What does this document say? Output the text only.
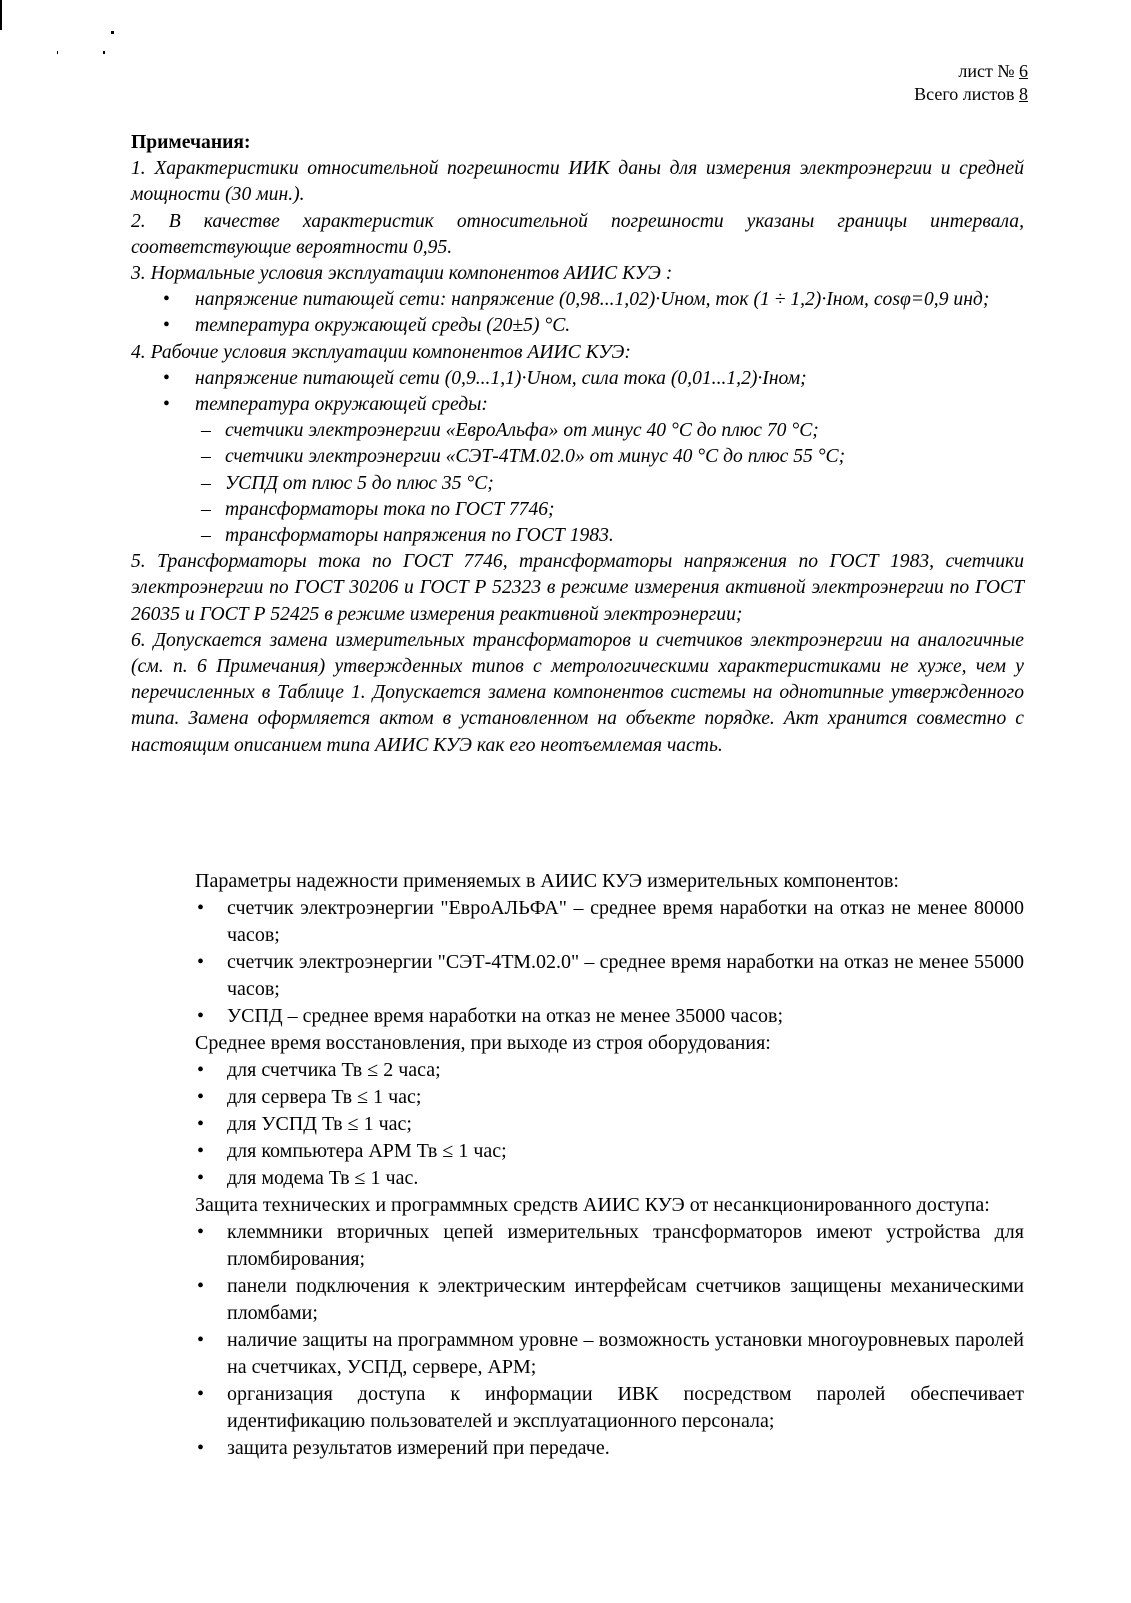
лист № 6
Всего листов 8
Примечания:
1. Характеристики относительной погрешности ИИК даны для измерения электроэнергии и средней мощности (30 мин.).
2. В качестве характеристик относительной погрешности указаны границы интервала, соответствующие вероятности 0,95.
3. Нормальные условия эксплуатации компонентов АИИС КУЭ :
• напряжение питающей сети: напряжение (0,98...1,02)·Uном, ток (1 ÷ 1,2)·Iном, cosφ=0,9 инд;
• температура окружающей среды (20±5) °C.
4. Рабочие условия эксплуатации компонентов АИИС КУЭ:
• напряжение питающей сети (0,9...1,1)·Uном, сила тока (0,01...1,2)·Iном;
• температура окружающей среды:
– счетчики электроэнергии «ЕвроАльфа» от минус 40 °C до плюс 70 °C;
– счетчики электроэнергии «СЭТ-4ТМ.02.0» от минус 40 °C до плюс 55 °C;
– УСПД от плюс 5 до плюс 35 °C;
– трансформаторы тока по ГОСТ 7746;
– трансформаторы напряжения по ГОСТ 1983.
5. Трансформаторы тока по ГОСТ 7746, трансформаторы напряжения по ГОСТ 1983, счетчики электроэнергии по ГОСТ 30206 и ГОСТ Р 52323 в режиме измерения активной электроэнергии по ГОСТ 26035 и ГОСТ Р 52425 в режиме измерения реактивной электроэнергии;
6. Допускается замена измерительных трансформаторов и счетчиков электроэнергии на аналогичные (см. п. 6 Примечания) утвержденных типов с метрологическими характеристиками не хуже, чем у перечисленных в Таблице 1. Допускается замена компонентов системы на однотипные утвержденного типа. Замена оформляется актом в установленном на объекте порядке. Акт хранится совместно с настоящим описанием типа АИИС КУЭ как его неотъемлемая часть.
Параметры надежности применяемых в АИИС КУЭ измерительных компонентов:
• счетчик электроэнергии "ЕвроАЛЬФА" – среднее время наработки на отказ не менее 80000 часов;
• счетчик электроэнергии "СЭТ-4ТМ.02.0" – среднее время наработки на отказ не менее 55000 часов;
• УСПД – среднее время наработки на отказ не менее 35000 часов;
Среднее время восстановления, при выходе из строя оборудования:
• для счетчика Тв ≤ 2 часа;
• для сервера Тв ≤ 1 час;
• для УСПД Тв ≤ 1 час;
• для компьютера АРМ Тв ≤ 1 час;
• для модема Тв ≤ 1 час.
Защита технических и программных средств АИИС КУЭ от несанкционированного доступа:
• клеммники вторичных цепей измерительных трансформаторов имеют устройства для пломбирования;
• панели подключения к электрическим интерфейсам счетчиков защищены механическими пломбами;
• наличие защиты на программном уровне – возможность установки многоуровневых паролей на счетчиках, УСПД, сервере, АРМ;
• организация доступа к информации ИВК посредством паролей обеспечивает идентификацию пользователей и эксплуатационного персонала;
• защита результатов измерений при передаче.
